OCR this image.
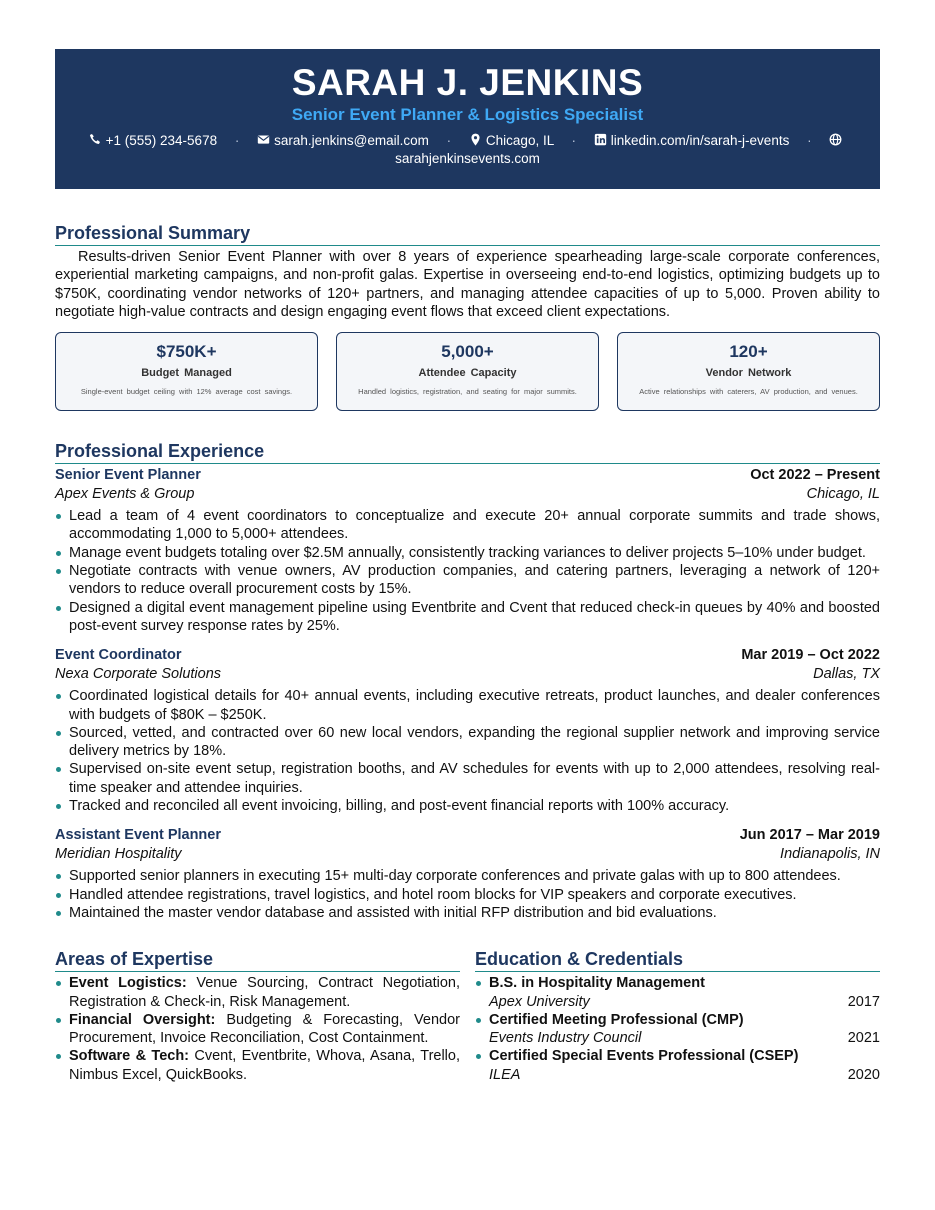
SARAH J. JENKINS
Senior Event Planner & Logistics Specialist
+1 (555) 234-5678 ·	sarah.jenkins@email.com ·	Chicago, IL ·	linkedin.com/in/sarah-j-events ·

sarahjenkinsevents.com
Professional Summary
Results-driven Senior Event Planner with over 8 years of experience spearheading large-scale corporate conferences, experiential marketing campaigns, and non-profit galas. Expertise in overseeing end-to-end logistics, optimizing budgets up to $750K, coordinating vendor networks of 120+ partners, and managing attendee capacities of up to 5,000. Proven ability to negotiate high-value contracts and design engaging event flows that exceed client expectations.
$750K+
Budget Managed
Single-event budget ceiling with 12% average cost savings.
5,000+
Attendee Capacity
Handled logistics, registration, and seating for major summits.
120+
Vendor Network
Active relationships with caterers, AV production, and venues.
Professional Experience
Senior Event Planner	Oct 2022 – Present
Apex Events & Group	Chicago, IL
Lead a team of 4 event coordinators to conceptualize and execute 20+ annual corporate summits and trade shows, accommodating 1,000 to 5,000+ attendees.
Manage event budgets totaling over $2.5M annually, consistently tracking variances to deliver projects 5–10% under budget.
Negotiate contracts with venue owners, AV production companies, and catering partners, leveraging a network of 120+ vendors to reduce overall procurement costs by 15%.
Designed a digital event management pipeline using Eventbrite and Cvent that reduced check-in queues by 40% and boosted post-event survey response rates by 25%.
Event Coordinator	Mar 2019 – Oct 2022
Nexa Corporate Solutions	Dallas, TX
Coordinated logistical details for 40+ annual events, including executive retreats, product launches, and dealer conferences with budgets of $80K – $250K.
Sourced, vetted, and contracted over 60 new local vendors, expanding the regional supplier network and improving service delivery metrics by 18%.
Supervised on-site event setup, registration booths, and AV schedules for events with up to 2,000 attendees, resolving real-time speaker and attendee inquiries.
Tracked and reconciled all event invoicing, billing, and post-event financial reports with 100% accuracy.
Assistant Event Planner	Jun 2017 – Mar 2019
Meridian Hospitality	Indianapolis, IN
Supported senior planners in executing 15+ multi-day corporate conferences and private galas with up to 800 attendees.
Handled attendee registrations, travel logistics, and hotel room blocks for VIP speakers and corporate executives.
Maintained the master vendor database and assisted with initial RFP distribution and bid evaluations.
Areas of Expertise
Event Logistics: Venue Sourcing, Contract Negotiation, Registration & Check-in, Risk Management.
Financial Oversight: Budgeting & Forecasting, Vendor Procurement, Invoice Reconciliation, Cost Containment.
Software & Tech: Cvent, Eventbrite, Whova, Asana, Trello, Nimbus Excel, QuickBooks.
Education & Credentials
B.S. in Hospitality Management
Apex University	2017
Certified Meeting Professional (CMP)
Events Industry Council	2021
Certified Special Events Professional (CSEP)
ILEA	2020
